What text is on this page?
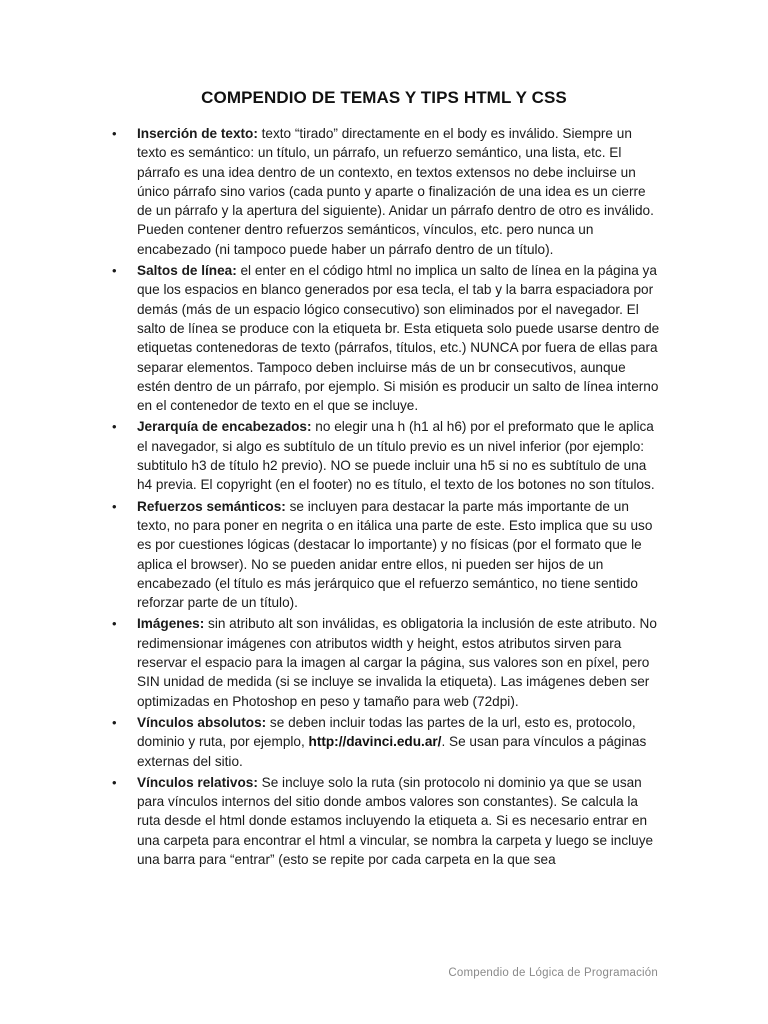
COMPENDIO DE TEMAS Y TIPS HTML Y CSS
• Inserción de texto: texto “tirado” directamente en el body es inválido. Siempre un texto es semántico: un título, un párrafo, un refuerzo semántico, una lista, etc. El párrafo es una idea dentro de un contexto, en textos extensos no debe incluirse un único párrafo sino varios (cada punto y aparte o finalización de una idea es un cierre de un párrafo y la apertura del siguiente). Anidar un párrafo dentro de otro es inválido. Pueden contener dentro refuerzos semánticos, vínculos, etc. pero nunca un encabezado (ni tampoco puede haber un párrafo dentro de un título).
• Saltos de línea: el enter en el código html no implica un salto de línea en la página ya que los espacios en blanco generados por esa tecla, el tab y la barra espaciadora por demás (más de un espacio lógico consecutivo) son eliminados por el navegador. El salto de línea se produce con la etiqueta br. Esta etiqueta solo puede usarse dentro de etiquetas contenedoras de texto (párrafos, títulos, etc.) NUNCA por fuera de ellas para separar elementos. Tampoco deben incluirse más de un br consecutivos, aunque estén dentro de un párrafo, por ejemplo. Si misión es producir un salto de línea interno en el contenedor de texto en el que se incluye.
• Jerarquía de encabezados: no elegir una h (h1 al h6) por el preformato que le aplica el navegador, si algo es subtítulo de un título previo es un nivel inferior (por ejemplo: subtitulo h3 de título h2 previo). NO se puede incluir una h5 si no es subtítulo de una h4 previa. El copyright (en el footer) no es título, el texto de los botones no son títulos.
• Refuerzos semánticos: se incluyen para destacar la parte más importante de un texto, no para poner en negrita o en itálica una parte de este. Esto implica que su uso es por cuestiones lógicas (destacar lo importante) y no físicas (por el formato que le aplica el browser). No se pueden anidar entre ellos, ni pueden ser hijos de un encabezado (el título es más jerárquico que el refuerzo semántico, no tiene sentido reforzar parte de un título).
• Imágenes: sin atributo alt son inválidas, es obligatoria la inclusión de este atributo. No redimensionar imágenes con atributos width y height, estos atributos sirven para reservar el espacio para la imagen al cargar la página, sus valores son en píxel, pero SIN unidad de medida (si se incluye se invalida la etiqueta). Las imágenes deben ser optimizadas en Photoshop en peso y tamaño para web (72dpi).
• Vínculos absolutos: se deben incluir todas las partes de la url, esto es, protocolo, dominio y ruta, por ejemplo, http://davinci.edu.ar/. Se usan para vínculos a páginas externas del sitio.
• Vínculos relativos: Se incluye solo la ruta (sin protocolo ni dominio ya que se usan para vínculos internos del sitio donde ambos valores son constantes). Se calcula la ruta desde el html donde estamos incluyendo la etiqueta a. Si es necesario entrar en una carpeta para encontrar el html a vincular, se nombra la carpeta y luego se incluye una barra para “entrar” (esto se repite por cada carpeta en la que sea
Compendio de Lógica de Programación
